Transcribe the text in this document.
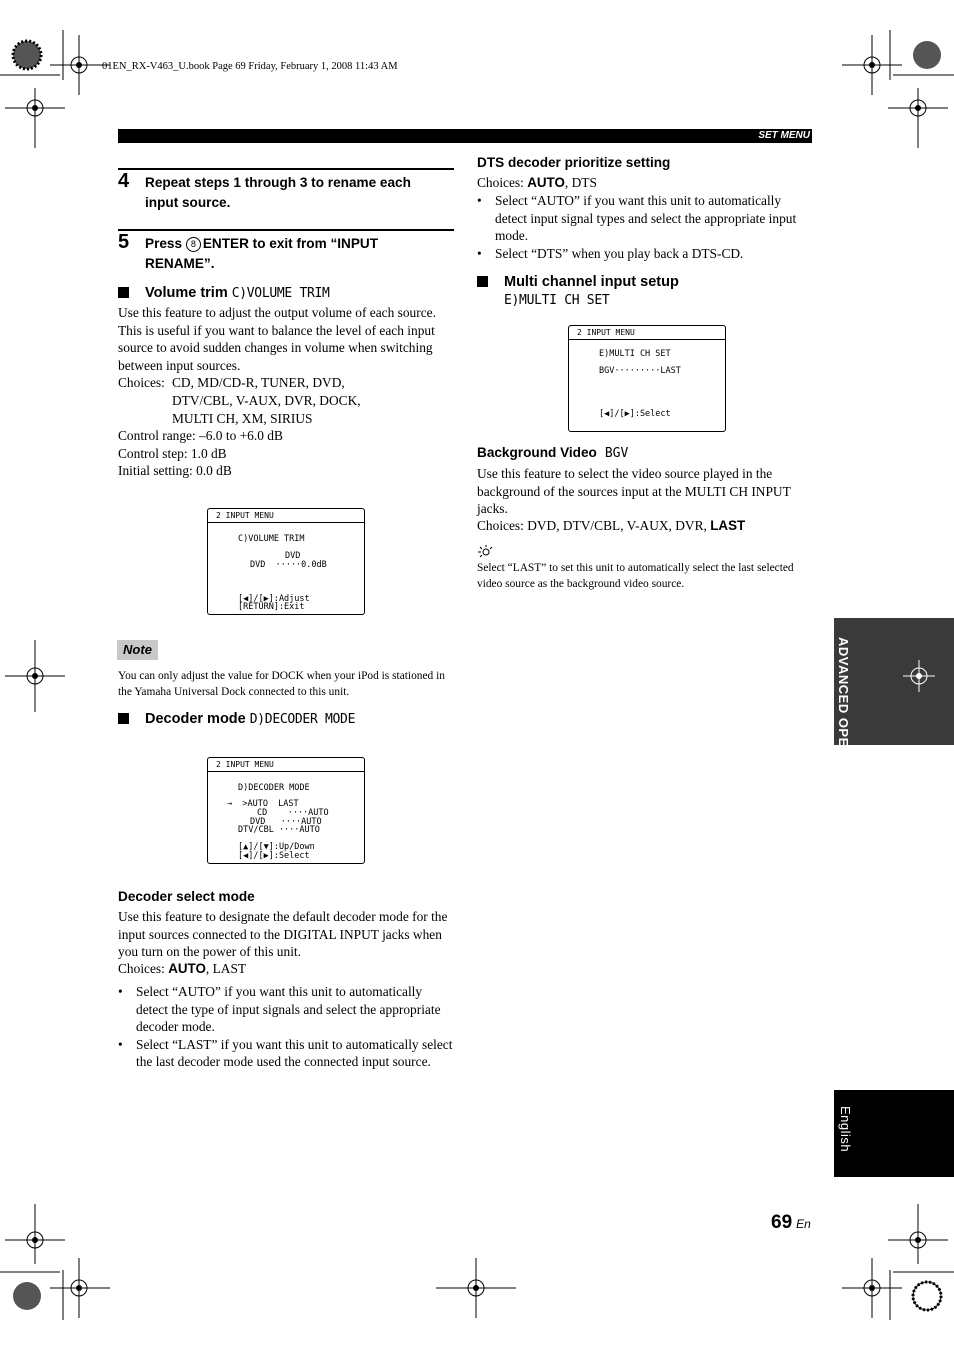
01EN_RX-V463_U.book Page 69 Friday, February 1, 2008 11:43 AM
SET MENU
4 Repeat steps 1 through 3 to rename each input source.
5 Press 8 ENTER to exit from “INPUT RENAME”.
Volume trim C)VOLUME TRIM
Use this feature to adjust the output volume of each source. This is useful if you want to balance the level of each input source to avoid sudden changes in volume when switching between input sources.
Choices: CD, MD/CD-R, TUNER, DVD,
DTV/CBL, V-AUX, DVR, DOCK,
MULTI CH, XM, SIRIUS
Control range: –6.0 to +6.0 dB
Control step: 1.0 dB
Initial setting: 0.0 dB
2 INPUT MENU
C)VOLUME TRIM
DVD
DVD  ·····0.0dB
[◀]/[▶]:Adjust
[RETURN]:Exit
Note
You can only adjust the value for DOCK when your iPod is stationed in the Yamaha Universal Dock connected to this unit.
Decoder mode D)DECODER MODE
2 INPUT MENU
D)DECODER MODE
→  >AUTO  LAST
CD    ····AUTO
DVD   ····AUTO
DTV/CBL ····AUTO
[▲]/[▼]:Up/Down
[◀]/[▶]:Select
Decoder select mode
Use this feature to designate the default decoder mode for the input sources connected to the DIGITAL INPUT jacks when you turn on the power of this unit.
Choices: AUTO, LAST
• Select “AUTO” if you want this unit to automatically detect the type of input signals and select the appropriate decoder mode.
• Select “LAST” if you want this unit to automatically select the last decoder mode used the connected input source.
DTS decoder prioritize setting
Choices: AUTO, DTS
• Select “AUTO” if you want this unit to automatically detect input signal types and select the appropriate input mode.
• Select “DTS” when you play back a DTS-CD.
Multi channel input setup
E)MULTI CH SET
2 INPUT MENU
E)MULTI CH SET
BGV·········LAST
[◀]/[▶]:Select
Background Video BGV
Use this feature to select the video source played in the background of the sources input at the MULTI CH INPUT jacks.
Choices: DVD, DTV/CBL, V-AUX, DVR, LAST
Select “LAST” to set this unit to automatically select the last selected video source as the background video source.
ADVANCED OPERATION
English
69 En
